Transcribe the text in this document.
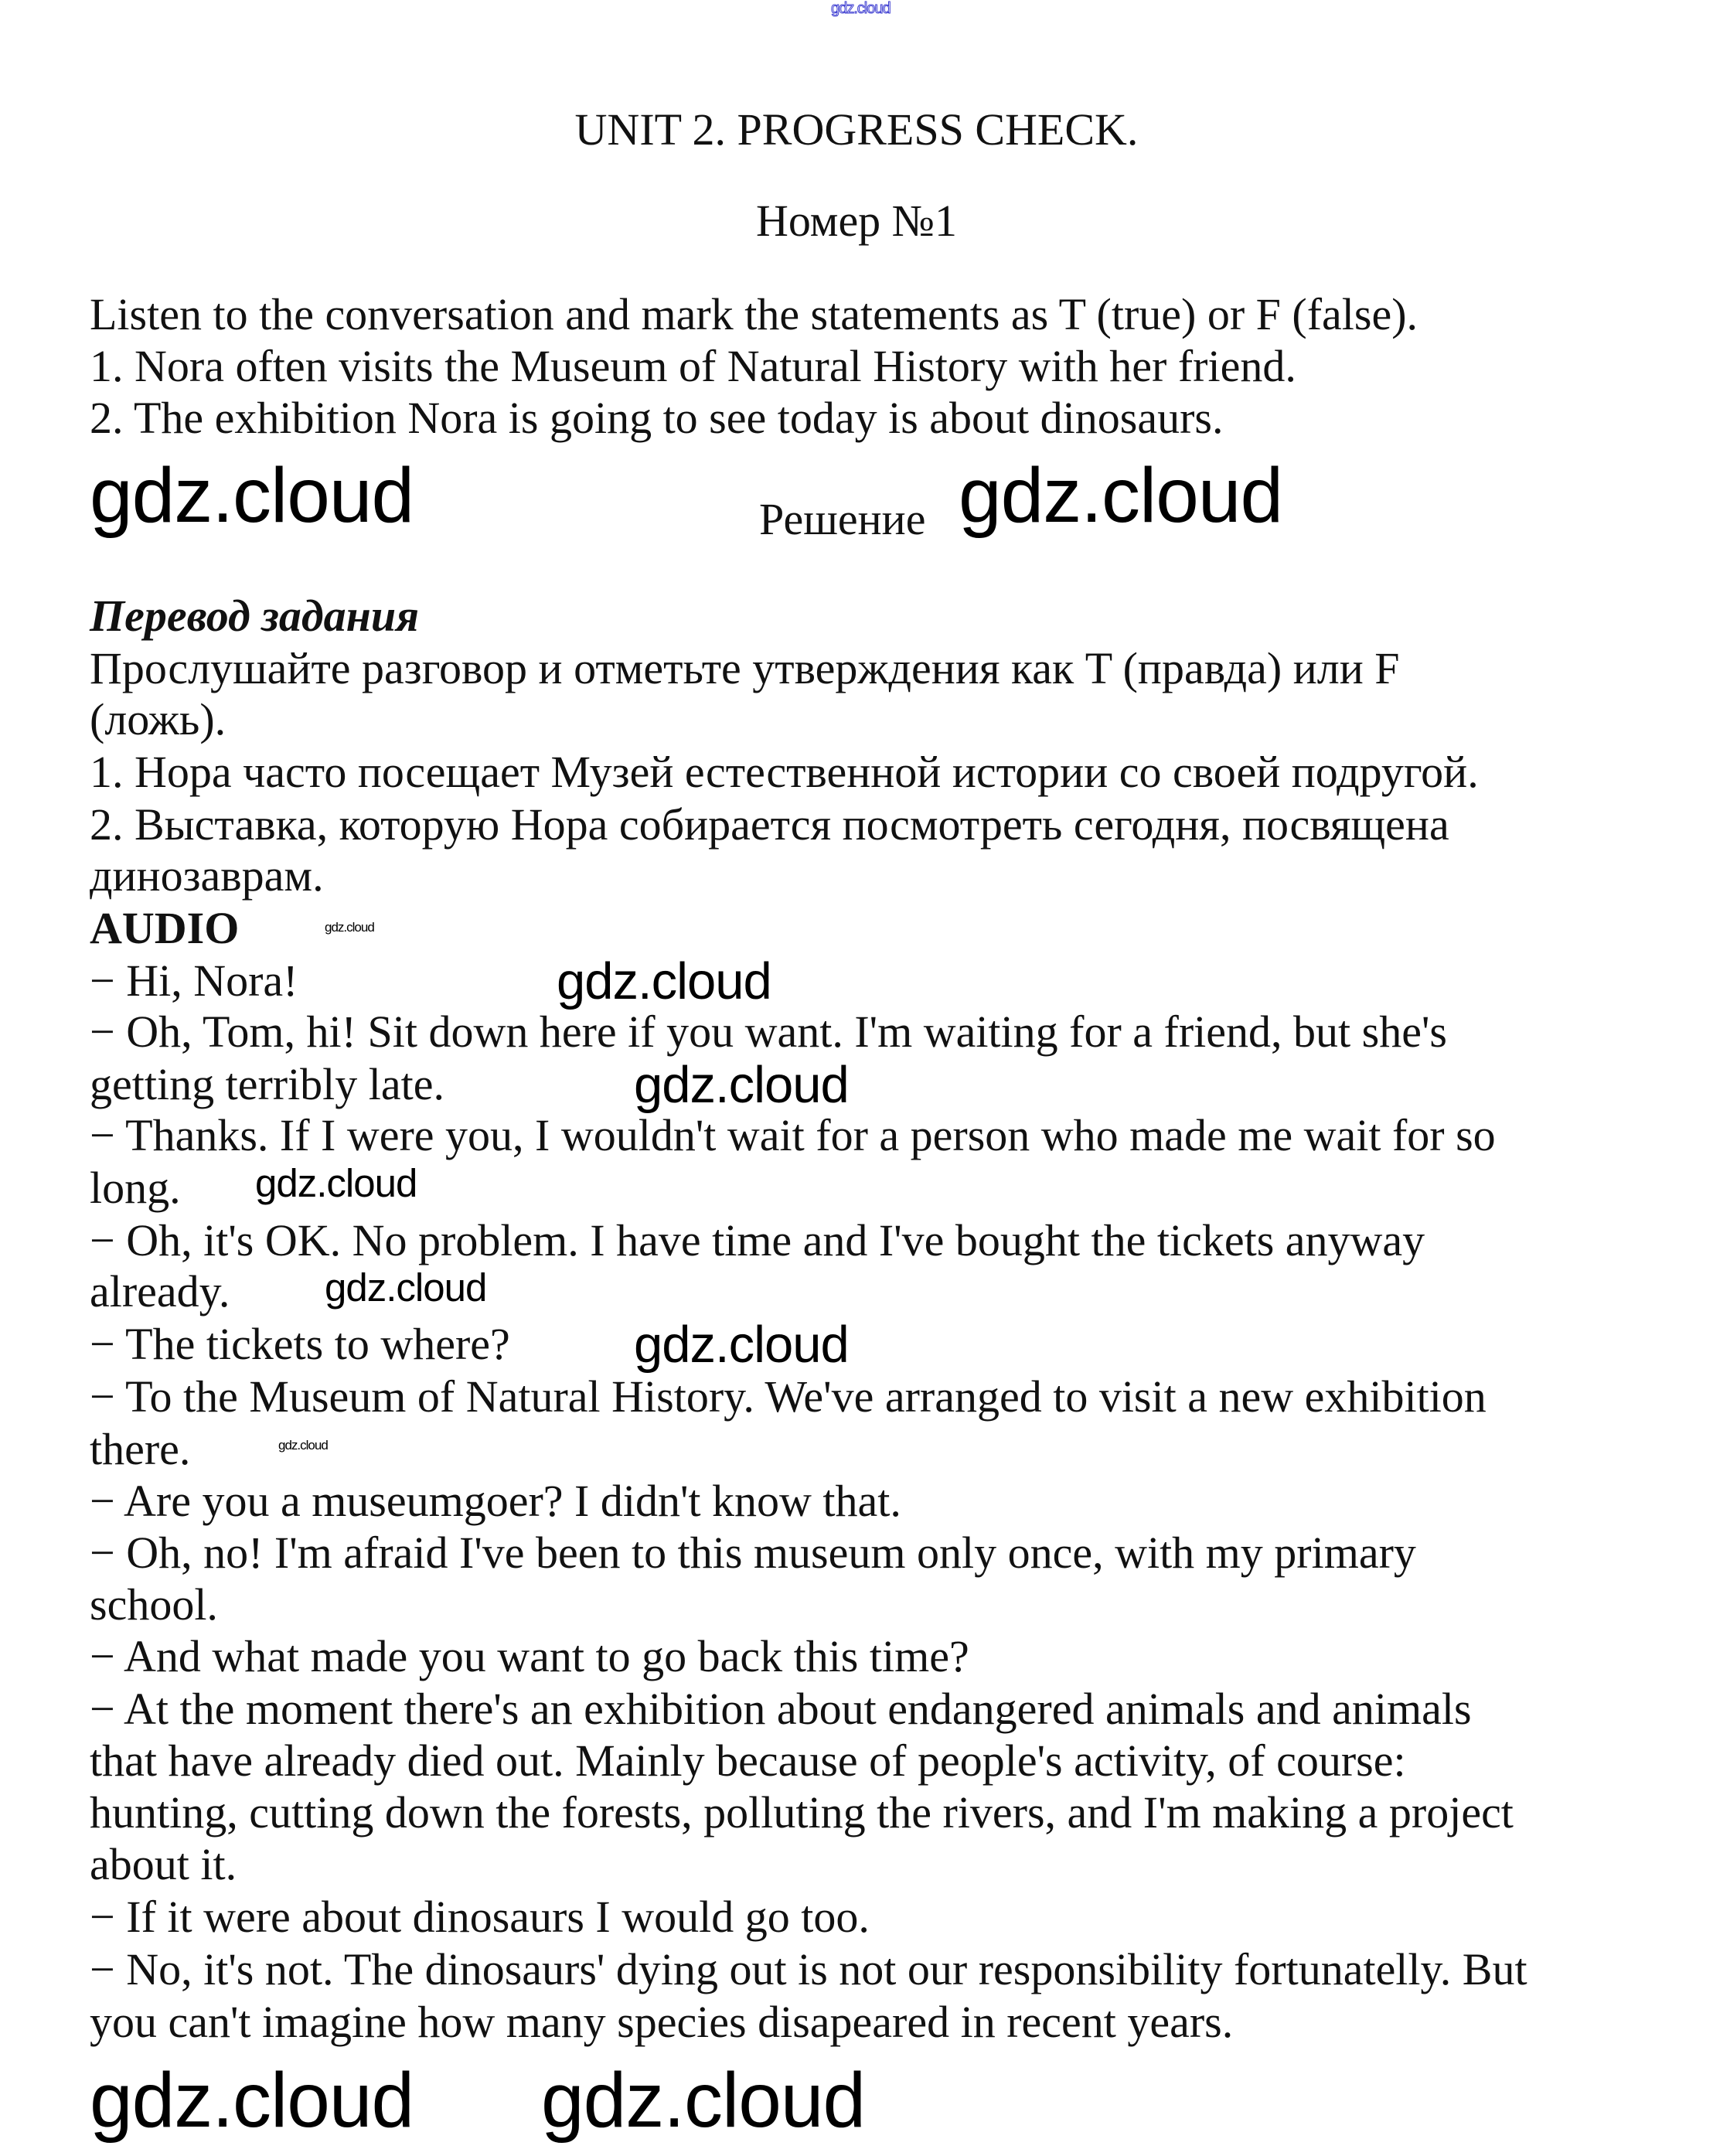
gdz.cloud
UNIT 2. PROGRESS CHECK.
Номер №1
Listen to the conversation and mark the statements as T (true) or F (false).
1. Nora often visits the Museum of Natural History with her friend.
2. The exhibition Nora is going to see today is about dinosaurs.
Решение
Перевод задания
Прослушайте разговор и отметьте утверждения как T (правда) или F
(ложь).
1. Нора часто посещает Музей естественной истории со своей подругой.
2. Выставка, которую Нора собирается посмотреть сегодня, посвящена
динозаврам.
AUDIO
− Hi, Nora!
− Oh, Tom, hi! Sit down here if you want. I'm waiting for a friend, but she's
getting terribly late.
− Thanks. If I were you, I wouldn't wait for a person who made me wait for so
long.
− Oh, it's OK. No problem. I have time and I've bought the tickets anyway
already.
− The tickets to where?
− To the Museum of Natural History. We've arranged to visit a new exhibition
there.
− Are you a museumgoer? I didn't know that.
− Oh, no! I'm afraid I've been to this museum only once, with my primary
school.
− And what made you want to go back this time?
− At the moment there's an exhibition about endangered animals and animals
that have already died out. Mainly because of people's activity, of course:
hunting, cutting down the forests, polluting the rivers, and I'm making a project
about it.
− If it were about dinosaurs I would go too.
− No, it's not. The dinosaurs' dying out is not our responsibility fortunatelly. But
you can't imagine how many species disapeared in recent years.
gdz.cloud	gdz.cloud
gdz.cloud gdz.cloud
gdz.cloud
gdz.cloud
gdz.cloud
gdz.cloud
gdz.cloud
gdz.cloud
gdz.cloud
